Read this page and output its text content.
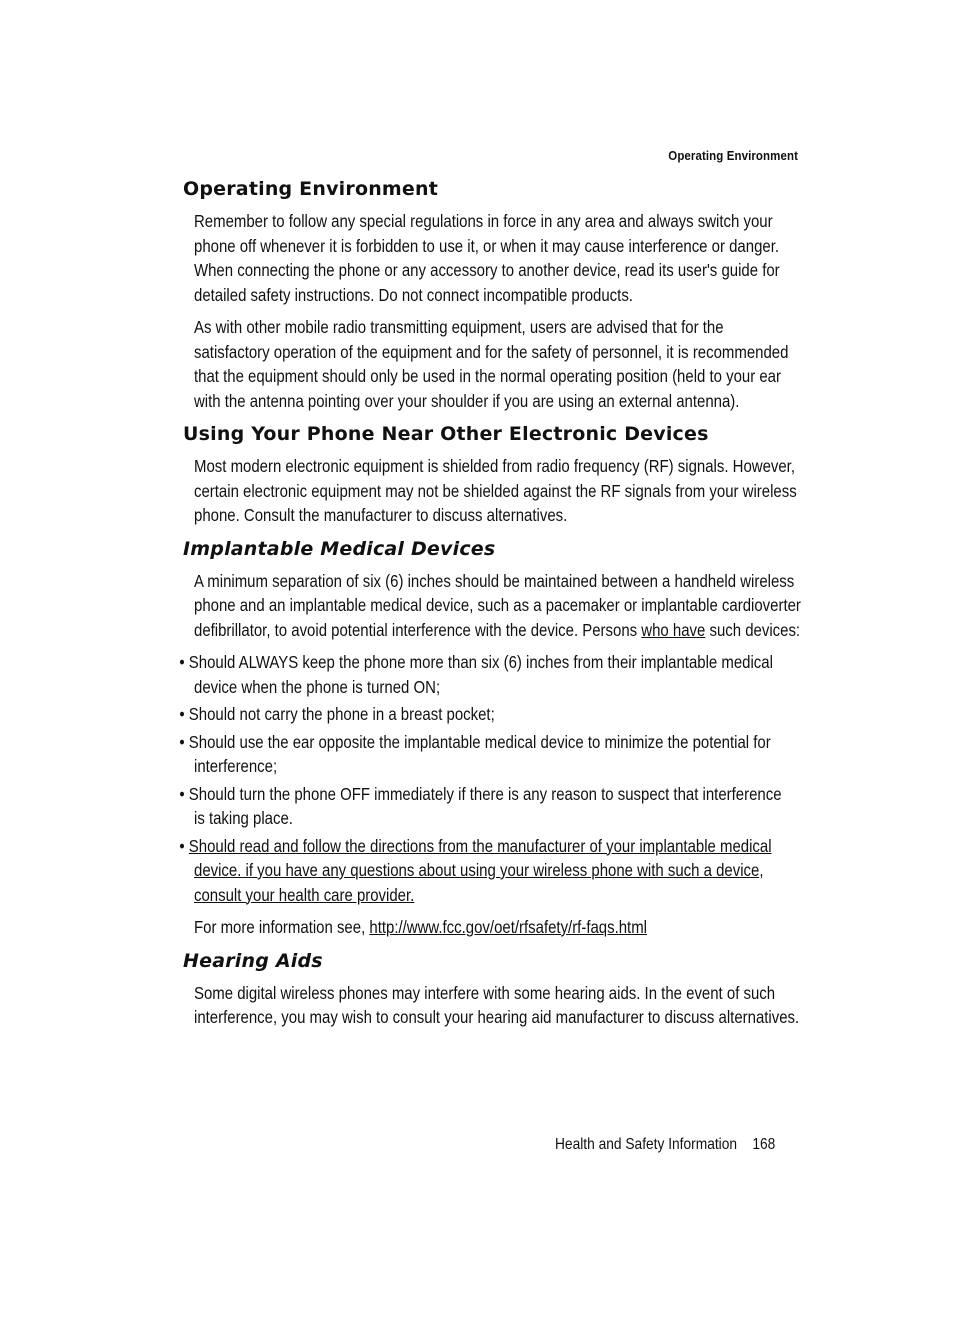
Operating Environment
Operating Environment

Remember to follow any special regulations in force in any area and always switch your phone off whenever it is forbidden to use it, or when it may cause interference or danger. When connecting the phone or any accessory to another device, read its user's guide for detailed safety instructions. Do not connect incompatible products.

As with other mobile radio transmitting equipment, users are advised that for the satisfactory operation of the equipment and for the safety of personnel, it is recommended that the equipment should only be used in the normal operating position (held to your ear with the antenna pointing over your shoulder if you are using an external antenna).

Using Your Phone Near Other Electronic Devices

Most modern electronic equipment is shielded from radio frequency (RF) signals. However, certain electronic equipment may not be shielded against the RF signals from your wireless phone. Consult the manufacturer to discuss alternatives.

Implantable Medical Devices

A minimum separation of six (6) inches should be maintained between a handheld wireless phone and an implantable medical device, such as a pacemaker or implantable cardioverter defibrillator, to avoid potential interference with the device. Persons who have such devices:

• Should ALWAYS keep the phone more than six (6) inches from their implantable medical device when the phone is turned ON;
• Should not carry the phone in a breast pocket;
• Should use the ear opposite the implantable medical device to minimize the potential for interference;
• Should turn the phone OFF immediately if there is any reason to suspect that interference is taking place.
• Should read and follow the directions from the manufacturer of your implantable medical device. if you have any questions about using your wireless phone with such a device, consult your health care provider.

For more information see, http://www.fcc.gov/oet/rfsafety/rf-faqs.html

Hearing Aids

Some digital wireless phones may interfere with some hearing aids. In the event of such interference, you may wish to consult your hearing aid manufacturer to discuss alternatives.

Health and Safety Information 168
